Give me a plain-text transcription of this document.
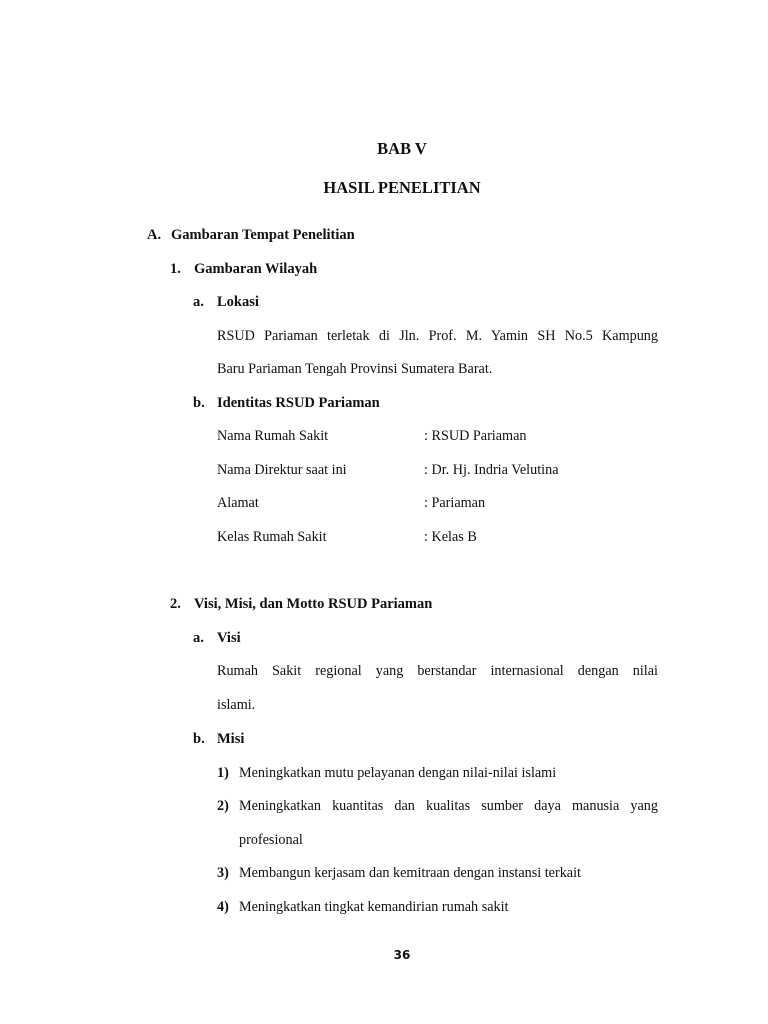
BAB V
HASIL PENELITIAN
A. Gambaran Tempat Penelitian
1. Gambaran Wilayah
a. Lokasi
RSUD Pariaman terletak di Jln. Prof. M. Yamin SH No.5 Kampung
Baru Pariaman Tengah Provinsi Sumatera Barat.
b. Identitas RSUD Pariaman
Nama Rumah Sakit	: RSUD Pariaman
Nama Direktur saat ini	: Dr. Hj. Indria Velutina
Alamat	: Pariaman
Kelas Rumah Sakit	: Kelas B
2. Visi, Misi, dan Motto RSUD Pariaman
a. Visi
Rumah Sakit regional yang berstandar internasional dengan nilai
islami.
b. Misi
1) Meningkatkan mutu pelayanan dengan nilai-nilai islami
2) Meningkatkan kuantitas dan kualitas sumber daya manusia yang
profesional
3) Membangun kerjasam dan kemitraan dengan instansi terkait
4) Meningkatkan tingkat kemandirian rumah sakit
36
